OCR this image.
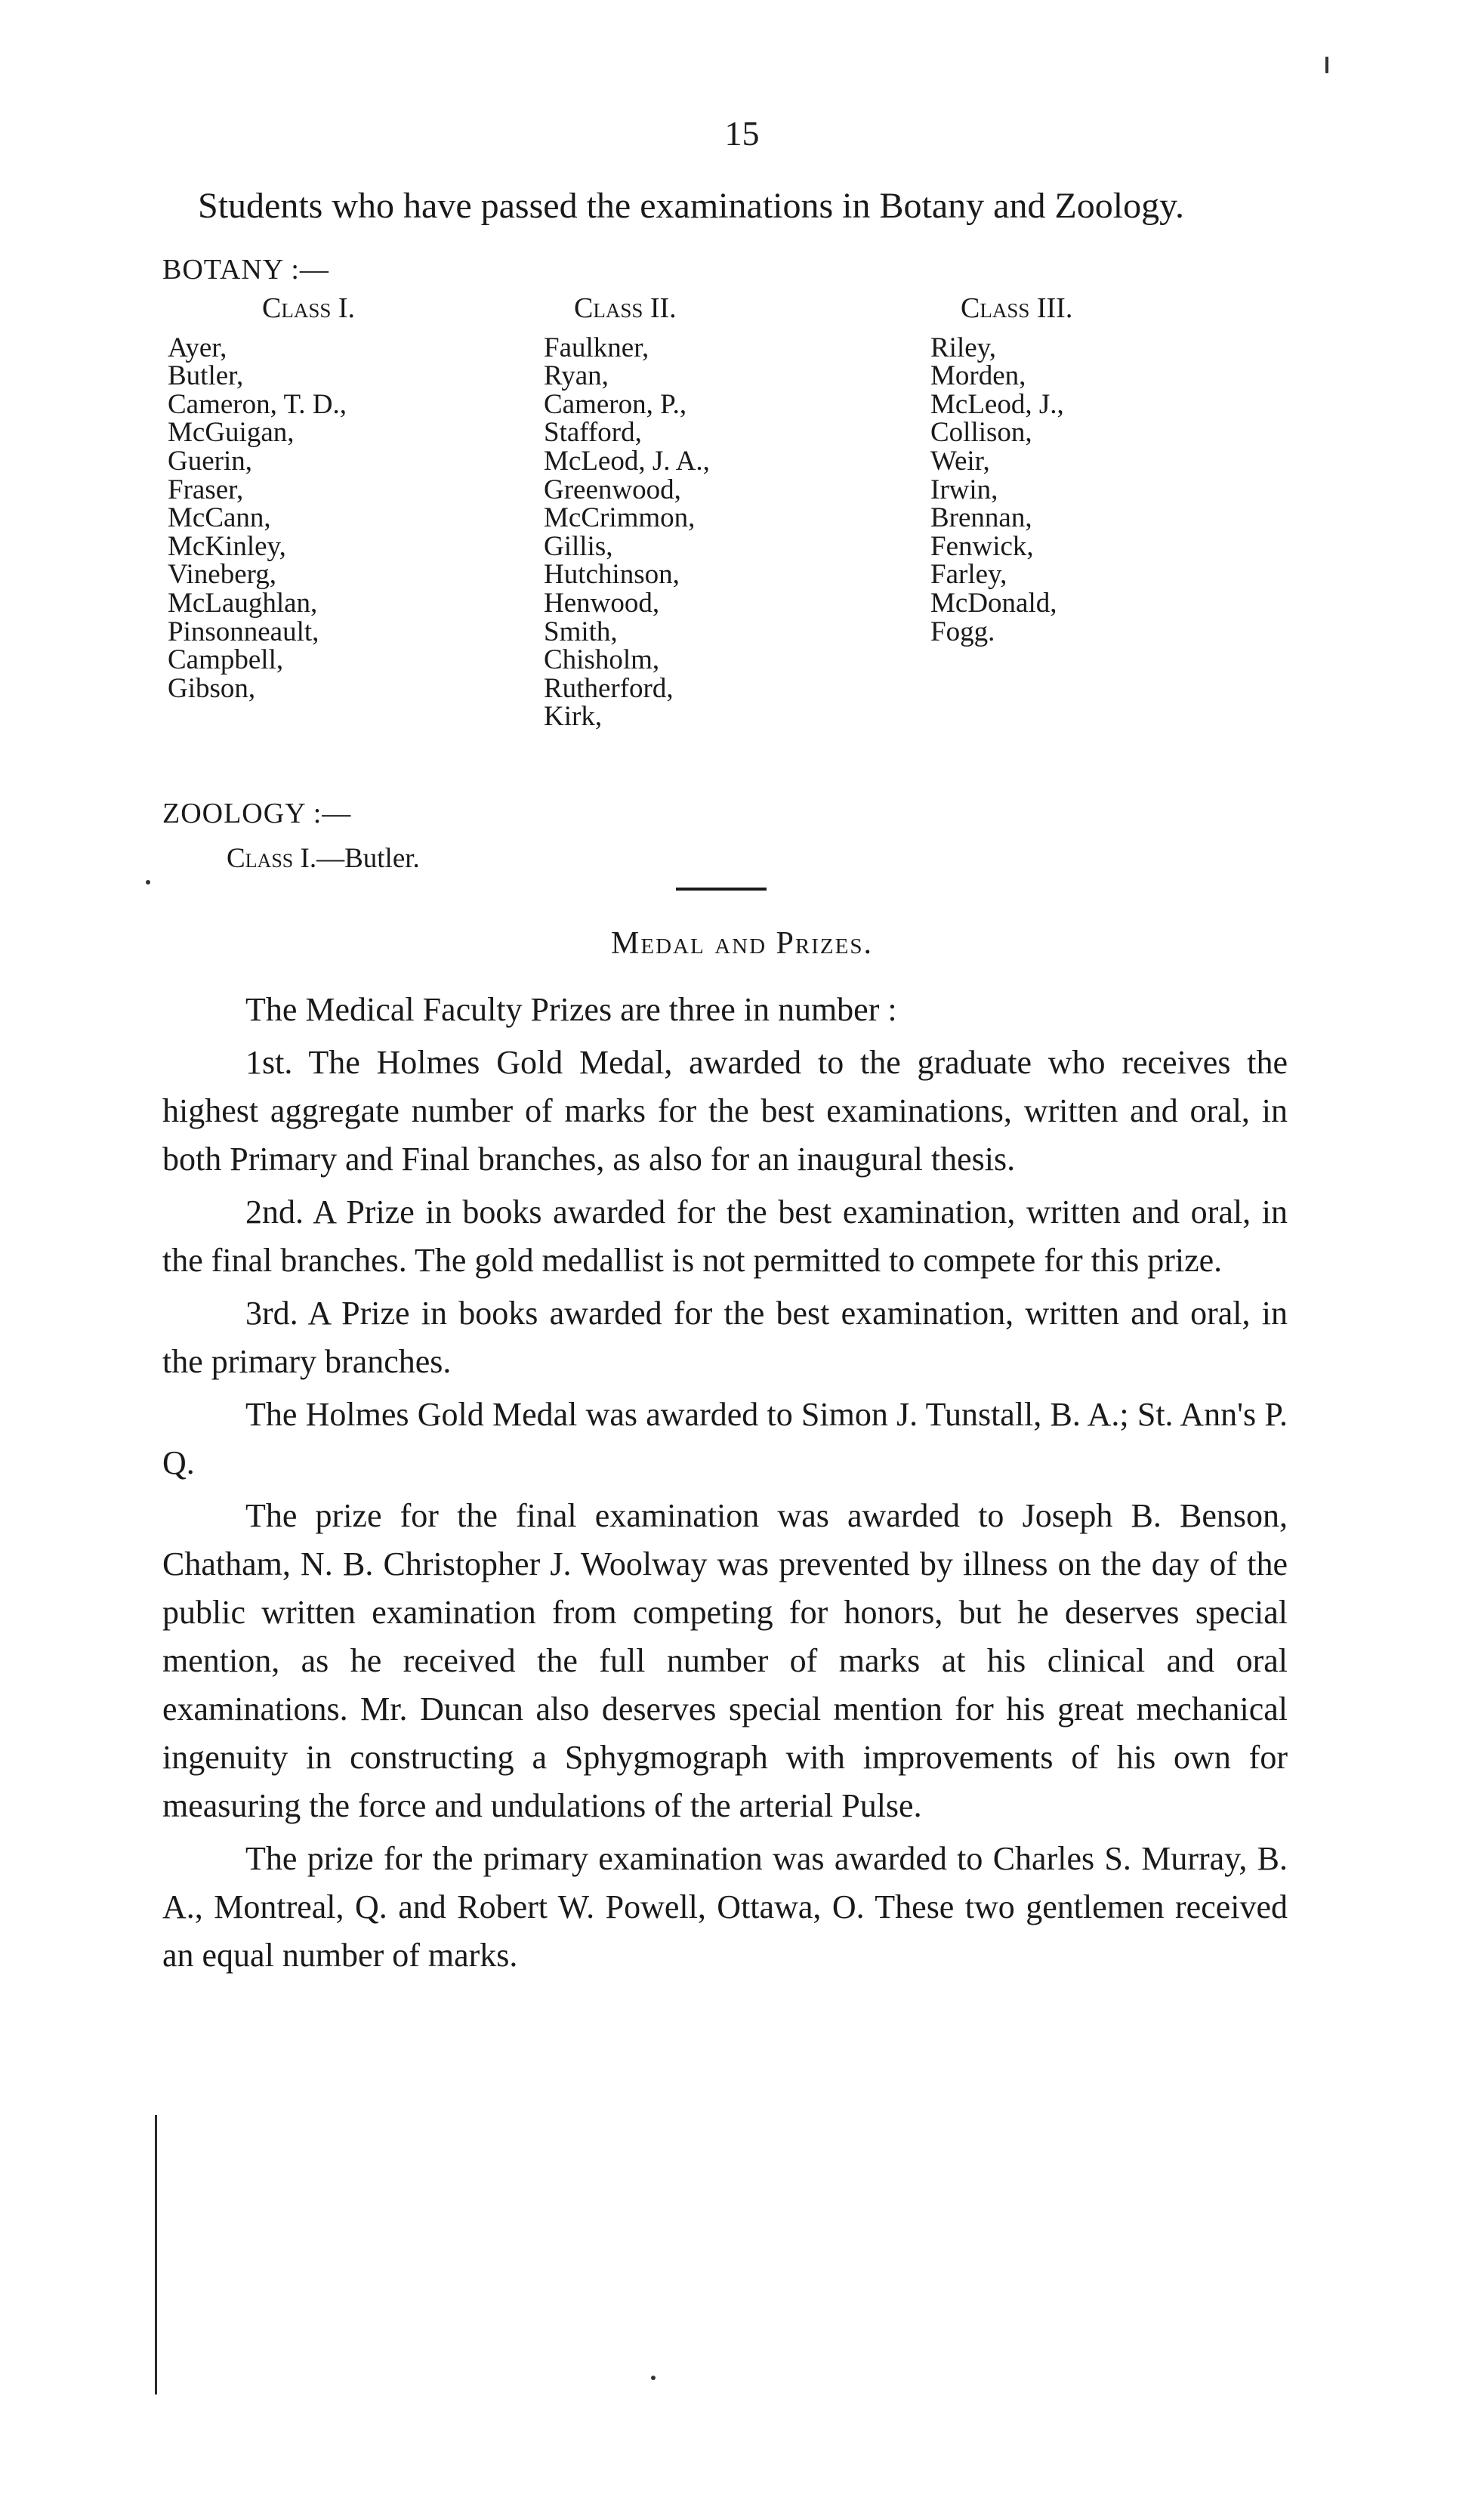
15
Students who have passed the examinations in Botany and Zoology.
BOTANY :—
Class I.
Ayer,
Butler,
Cameron, T. D.,
McGuigan,
Guerin,
Fraser,
McCann,
McKinley,
Vineberg,
McLaughlan,
Pinsonneault,
Campbell,
Gibson,
Class II.
Faulkner,
Ryan,
Cameron, P.,
Stafford,
McLeod, J. A.,
Greenwood,
McCrimmon,
Gillis,
Hutchinson,
Henwood,
Smith,
Chisholm,
Rutherford,
Kirk,
Class III.
Riley,
Morden,
McLeod, J.,
Collison,
Weir,
Irwin,
Brennan,
Fenwick,
Farley,
McDonald,
Fogg.
ZOOLOGY :—
Class I.—Butler.
Medal and Prizes.

The Medical Faculty Prizes are three in number :

1st. The Holmes Gold Medal, awarded to the graduate who receives the highest aggregate number of marks for the best examinations, written and oral, in both Primary and Final branches, as also for an inaugural thesis.

2nd. A Prize in books awarded for the best examination, written and oral, in the final branches. The gold medallist is not permitted to compete for this prize.

3rd. A Prize in books awarded for the best examination, written and oral, in the primary branches.

The Holmes Gold Medal was awarded to Simon J. Tunstall, B. A.; St. Ann's P. Q.

The prize for the final examination was awarded to Joseph B. Benson, Chatham, N. B. Christopher J. Woolway was prevented by illness on the day of the public written examination from competing for honors, but he deserves special mention, as he received the full number of marks at his clinical and oral examinations. Mr. Duncan also deserves special mention for his great mechanical ingenuity in constructing a Sphygmograph with improvements of his own for measuring the force and undulations of the arterial Pulse.

The prize for the primary examination was awarded to Charles S. Murray, B. A., Montreal, Q. and Robert W. Powell, Ottawa, O. These two gentlemen received an equal number of marks.
